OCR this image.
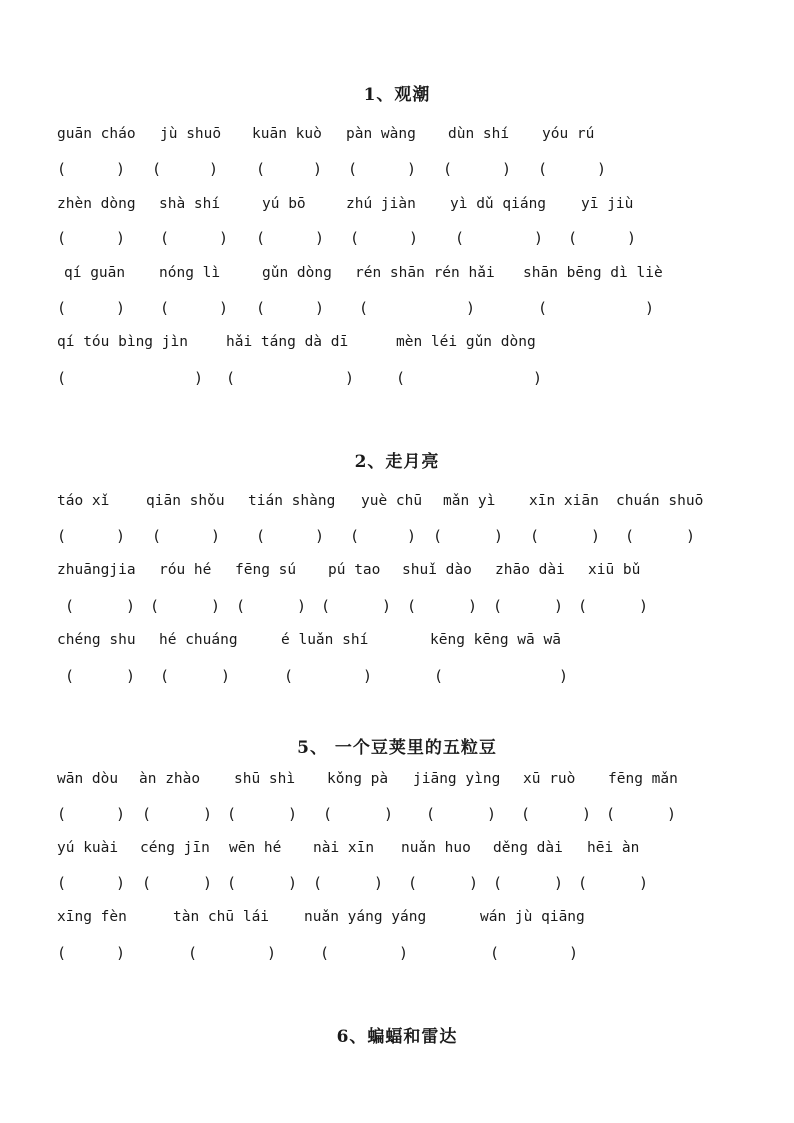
1、观潮
guān cháo jù shuō kuān kuò pàn wàng dùn shí yóu rú
(	) (	)	(	) (	) (	) (	)
zhèn dòng shà shí	yú bō	zhú jiàn yì dǔ qiáng yī jiù
(	) (	) (	) (	) (	) (	)
qí guān nóng lì	gǔn dòng rén shān rén hǎi shān bēng dì liè
(	) (	) (	) (	)	(	)
qí tóu bìng jìn	hǎi táng dà dī	mèn léi gǔn dòng
(	) (	)	(	)
2、走月亮
táo xǐ	qiān shǒu tián shàng yuè chū mǎn yì xīn xiān chuán shuō
(	) (	) (	) (	) (	) (	) (	)
zhuāngjia róu hé fēng sú pú tao shuǐ dào zhāo dài xiū bǔ
(	) (	) (	) (	) (	) (	) (	)
chéng shu hé chuáng	é luǎn shí	kēng kēng wā wā
(	) (	)	(	)	(	)
5、 一个豆荚里的五粒豆
wān dòu àn zhào shū shì kǒng pà jiāng yìng xū ruò fēng mǎn
(	) (	) (	) (	) (	) (	) (	)
yú kuài céng jīn wēn hé nài xīn nuǎn huo děng dài hēi àn
(	) (	) (	) (	) (	) (	) (	)
xīng fèn	tàn chū lái nuǎn yáng yáng	wán jù qiāng
(	)	(	)	(	)	(	)
6、蝙蝠和雷达
